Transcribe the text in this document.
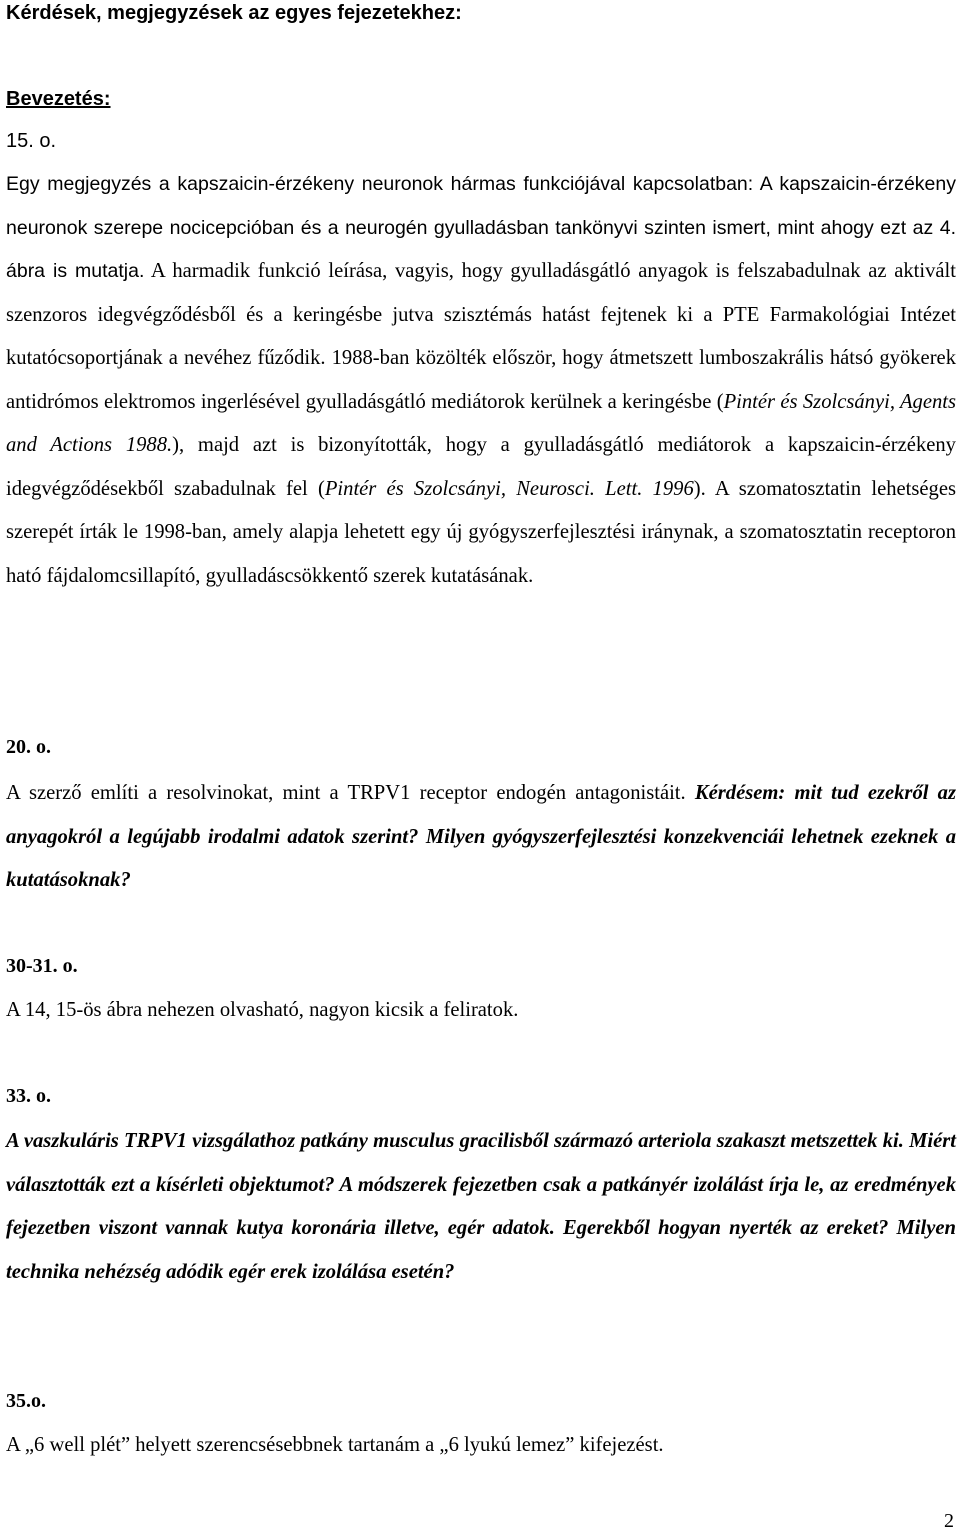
Kérdések, megjegyzések az egyes fejezetekhez:
Bevezetés:
15. o.
Egy megjegyzés a kapszaicin-érzékeny neuronok hármas funkciójával kapcsolatban: A kapszaicin-érzékeny neuronok szerepe nocicepcióban és a neurogén gyulladásban tankönyvi szinten ismert, mint ahogy ezt az 4. ábra is mutatja. A harmadik funkció leírása, vagyis, hogy gyulladásgátló anyagok is felszabadulnak az aktivált szenzoros idegvégződésből és a keringésbe jutva szisztémás hatást fejtenek ki a PTE Farmakológiai Intézet kutatócsoportjának a nevéhez fűződik. 1988-ban közölték először, hogy átmetszett lumboszakrális hátsó gyökerek antidrómos elektromos ingerlésével gyulladásgátló mediátorok kerülnek a keringésbe (Pintér és Szolcsányi, Agents and Actions 1988.), majd azt is bizonyították, hogy a gyulladásgátló mediátorok a kapszaicin-érzékeny idegvégződésekből szabadulnak fel (Pintér és Szolcsányi, Neurosci. Lett. 1996). A szomatosztatin lehetséges szerepét írták le 1998-ban, amely alapja lehetett egy új gyógyszerfejlesztési iránynak, a szomatosztatin receptoron ható fájdalomcsillapító, gyulladáscsökkentő szerek kutatásának.
20. o.
A szerző említi a resolvinokat, mint a TRPV1 receptor endogén antagonistáit. Kérdésem: mit tud ezekről az anyagokról a legújabb irodalmi adatok szerint? Milyen gyógyszerfejlesztési konzekvenciái lehetnek ezeknek a kutatásoknak?
30-31. o.
A 14, 15-ös ábra nehezen olvasható, nagyon kicsik a feliratok.
33. o.
A vaszkuláris TRPV1 vizsgálathoz patkány musculus gracilisből származó arteriola szakaszt metszettek ki. Miért választották ezt a kísérleti objektumot? A módszerek fejezetben csak a patkányér izolálást írja le, az eredmények fejezetben viszont vannak kutya koronária illetve, egér adatok. Egerekből hogyan nyerték az ereket? Milyen technika nehézség adódik egér erek izolálása esetén?
35.o.
A „6 well plét” helyett szerencsésebbnek tartanám a „6 lyukú lemez” kifejezést.
2
